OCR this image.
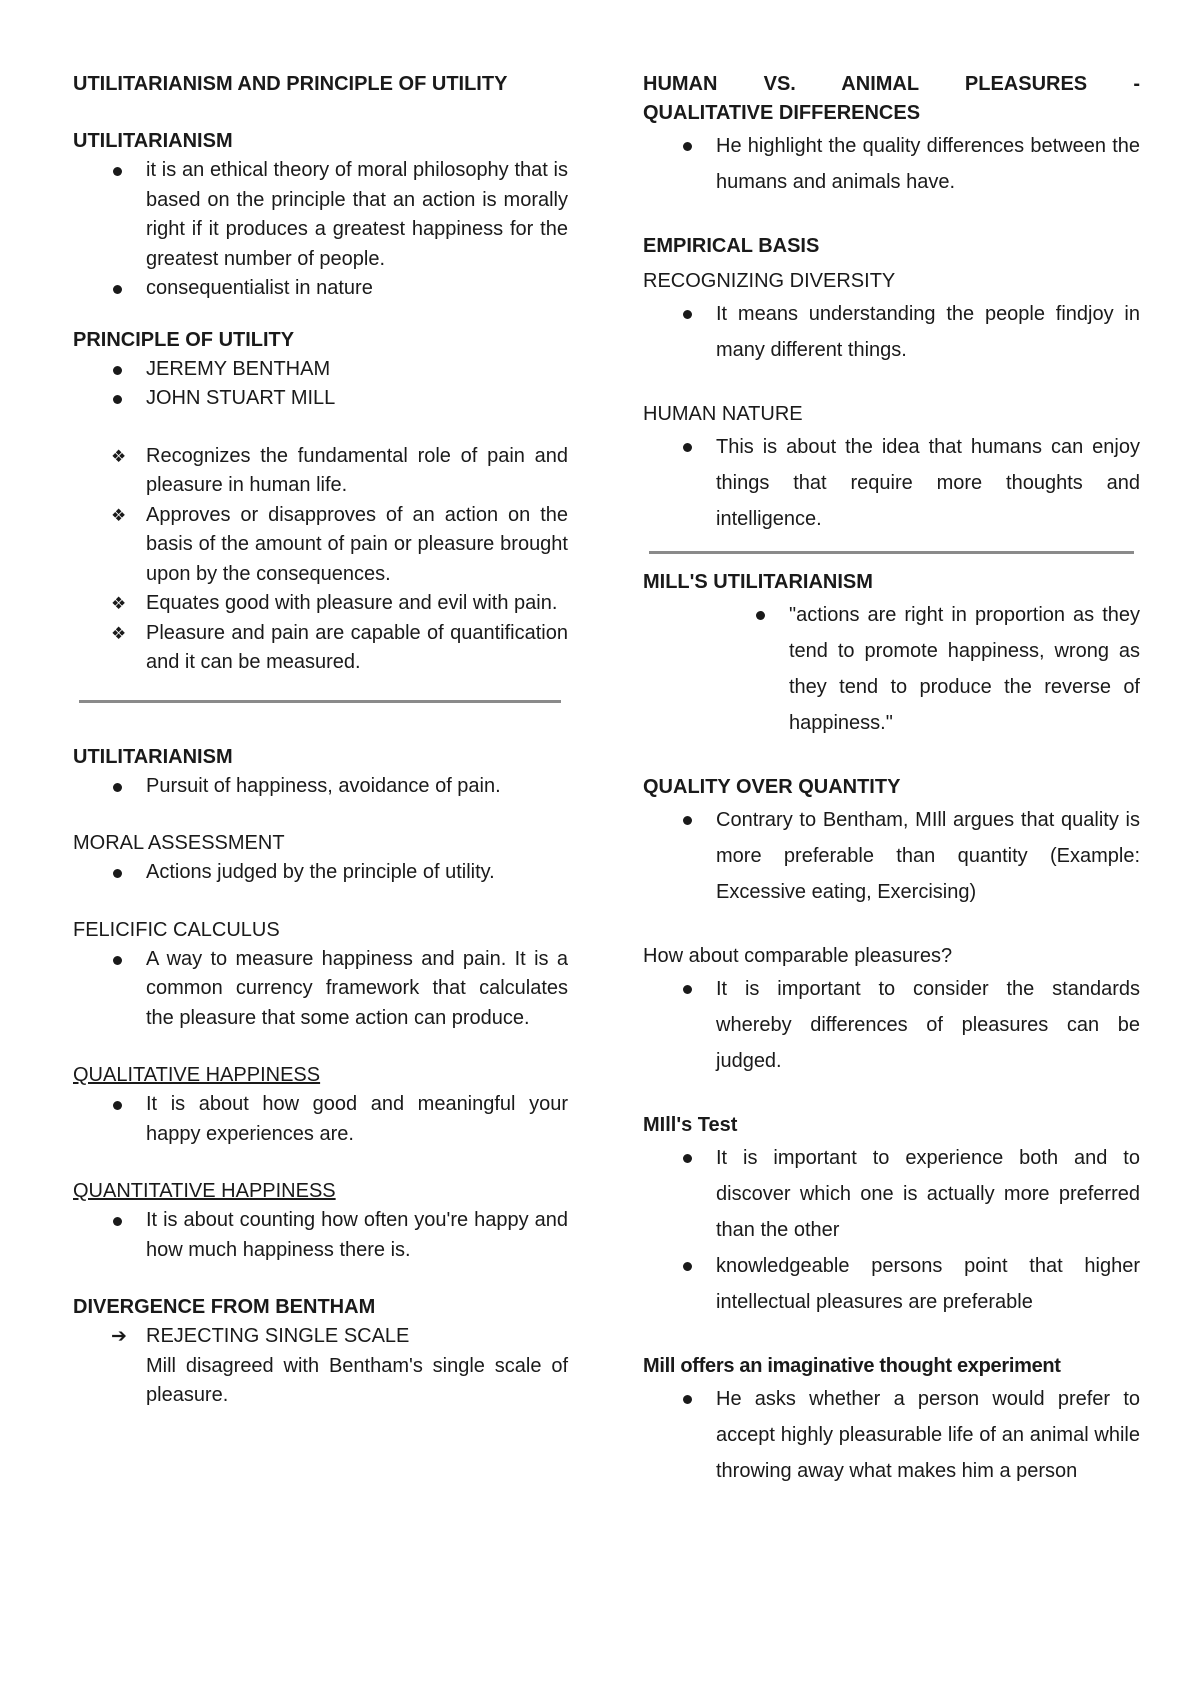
UTILITARIANISM AND PRINCIPLE OF UTILITY

UTILITARIANISM

it is an ethical theory of moral philosophy that is based on the principle that an action is morally right if it produces a greatest happiness for the greatest number of people.
consequentialist in nature

PRINCIPLE OF UTILITY

JEREMY BENTHAM
JOHN STUART MILL
❖ Recognizes the fundamental role of pain and pleasure in human life.
❖ Approves or disapproves of an action on the basis of the amount of pain or pleasure brought upon by the consequences.
❖ Equates good with pleasure and evil with pain.
❖ Pleasure and pain are capable of quantification and it can be measured.

UTILITARIANISM

Pursuit of happiness, avoidance of pain.

MORAL ASSESSMENT

Actions judged by the principle of utility.

FELICIFIC CALCULUS

A way to measure happiness and pain. It is a common currency framework that calculates the pleasure that some action can produce.

QUALITATIVE HAPPINESS

It is about how good and meaningful your happy experiences are.

QUANTITATIVE HAPPINESS

It is about counting how often you're happy and how much happiness there is.

DIVERGENCE FROM BENTHAM

➔ REJECTING SINGLE SCALE

Mill disagreed with Bentham's single scale of pleasure.

HUMAN VS. ANIMAL PLEASURES -

QUALITATIVE DIFFERENCES

He highlight the quality differences between the humans and animals have.

EMPIRICAL BASIS

RECOGNIZING DIVERSITY

It means understanding the people findjoy in many different things.

HUMAN NATURE

This is about the idea that humans can enjoy things that require more thoughts and intelligence.

MILL'S UTILITARIANISM

"actions are right in proportion as they tend to promote happiness, wrong as they tend to produce the reverse of happiness."

QUALITY OVER QUANTITY

Contrary to Bentham, MIll argues that quality is more preferable than quantity (Example: Excessive eating, Exercising)

How about comparable pleasures?

It is important to consider the standards whereby differences of pleasures can be judged.

MIll's Test

It is important to experience both and to discover which one is actually more preferred than the other
knowledgeable persons point that higher intellectual pleasures are preferable

Mill offers an imaginative thought experiment

He asks whether a person would prefer to accept highly pleasurable life of an animal while throwing away what makes him a person
